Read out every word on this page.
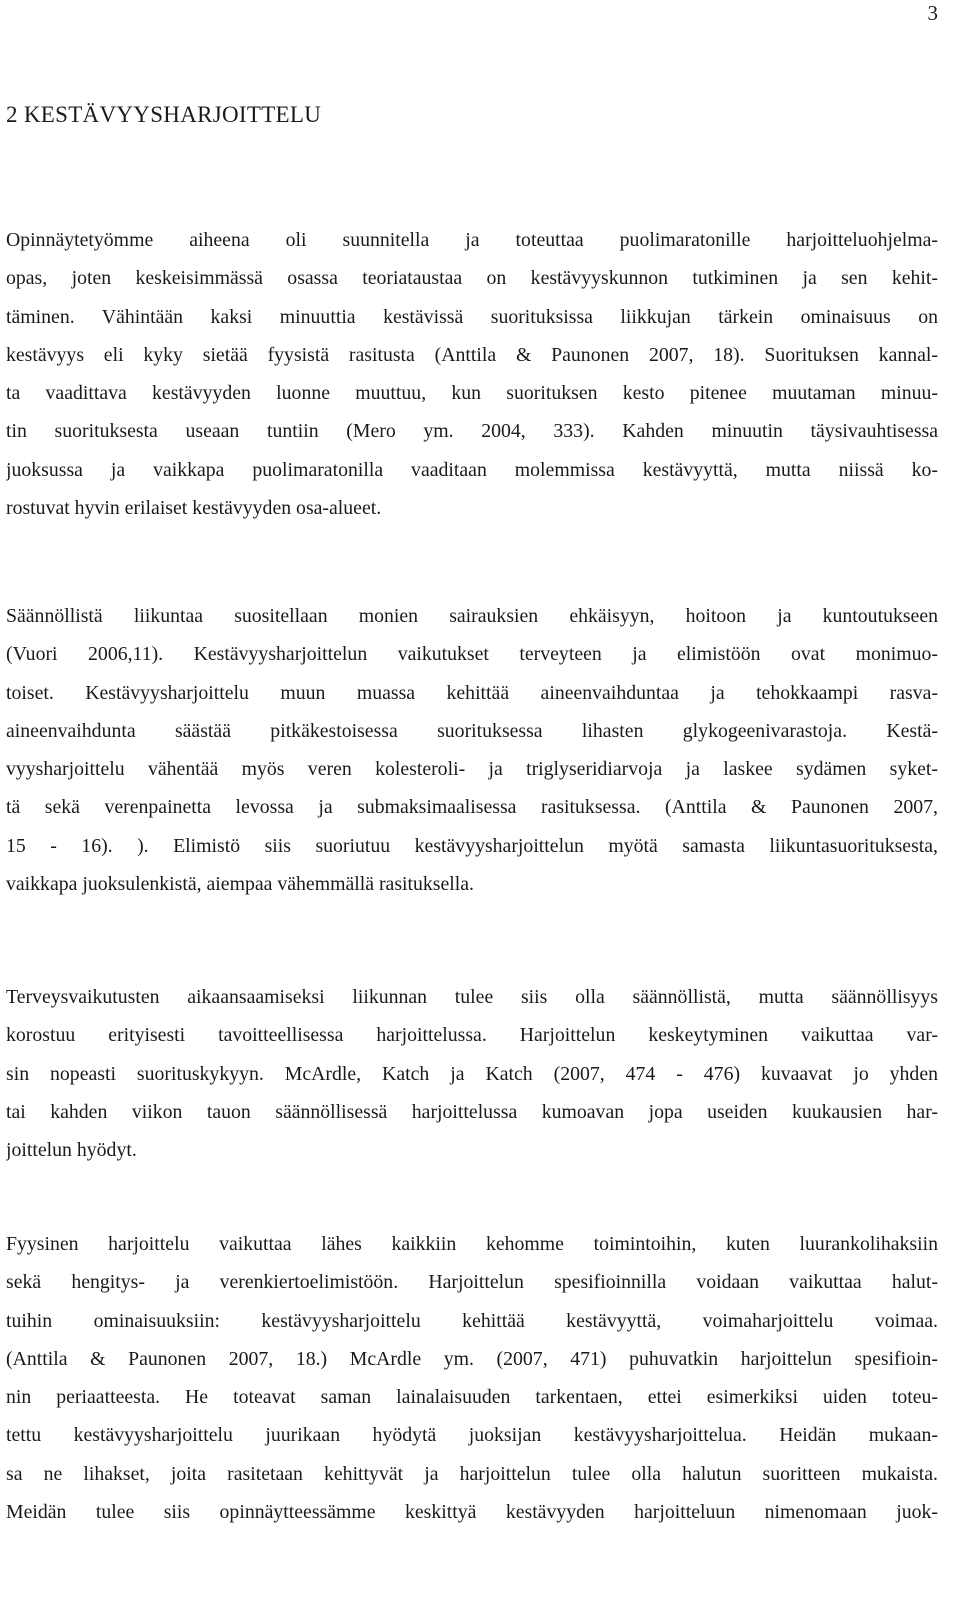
3
2 KESTÄVYYSHARJOITTELU
Opinnäytetyömme aiheena oli suunnitella ja toteuttaa puolimaratonille harjoitteluohjelma-
opas, joten keskeisimmässä osassa teoriataustaa on kestävyyskunnon tutkiminen ja sen kehit-
täminen. Vähintään kaksi minuuttia kestävissä suorituksissa liikkujan tärkein ominaisuus on
kestävyys eli kyky sietää fyysistä rasitusta (Anttila & Paunonen 2007, 18). Suorituksen kannal-
ta vaadittava kestävyyden luonne muuttuu, kun suorituksen kesto pitenee muutaman minuu-
tin suorituksesta useaan tuntiin (Mero ym. 2004, 333). Kahden minuutin täysivauhtisessa
juoksussa ja vaikkapa puolimaratonilla vaaditaan molemmissa kestävyyttä, mutta niissä ko-
rostuvat hyvin erilaiset kestävyyden osa-alueet.
Säännöllistä liikuntaa suositellaan monien sairauksien ehkäisyyn, hoitoon ja kuntoutukseen
(Vuori 2006,11). Kestävyysharjoittelun vaikutukset terveyteen ja elimistöön ovat monimuo-
toiset. Kestävyysharjoittelu muun muassa kehittää aineenvaihduntaa ja tehokkaampi rasva-
aineenvaihdunta säästää pitkäkestoisessa suorituksessa lihasten glykogeenivarastoja. Kestä-
vyysharjoittelu vähentää myös veren kolesteroli- ja triglyseridiarvoja ja laskee sydämen syket-
tä sekä verenpainetta levossa ja submaksimaalisessa rasituksessa. (Anttila & Paunonen 2007,
15 - 16). ). Elimistö siis suoriutuu kestävyysharjoittelun myötä samasta liikuntasuorituksesta,
vaikkapa juoksulenkistä, aiempaa vähemmällä rasituksella.
Terveysvaikutusten aikaansaamiseksi liikunnan tulee siis olla säännöllistä, mutta säännöllisyys
korostuu erityisesti tavoitteellisessa harjoittelussa. Harjoittelun keskeytyminen vaikuttaa var-
sin nopeasti suorituskykyyn. McArdle, Katch ja Katch (2007, 474 - 476) kuvaavat jo yhden
tai kahden viikon tauon säännöllisessä harjoittelussa kumoavan jopa useiden kuukausien har-
joittelun hyödyt.
Fyysinen harjoittelu vaikuttaa lähes kaikkiin kehomme toimintoihin, kuten luurankolihaksiin
sekä hengitys- ja verenkiertoelimistöön. Harjoittelun spesifioinnilla voidaan vaikuttaa halut-
tuihin ominaisuuksiin: kestävyysharjoittelu kehittää kestävyyttä, voimaharjoittelu voimaa.
(Anttila & Paunonen 2007, 18.) McArdle ym. (2007, 471) puhuvatkin harjoittelun spesifioin-
nin periaatteesta. He toteavat saman lainalaisuuden tarkentaen, ettei esimerkiksi uiden toteu-
tettu kestävyysharjoittelu juurikaan hyödytä juoksijan kestävyysharjoittelua. Heidän mukaan-
sa ne lihakset, joita rasitetaan kehittyvät ja harjoittelun tulee olla halutun suoritteen mukaista.
Meidän tulee siis opinnäytteessämme keskittyä kestävyyden harjoitteluun nimenomaan juok-
